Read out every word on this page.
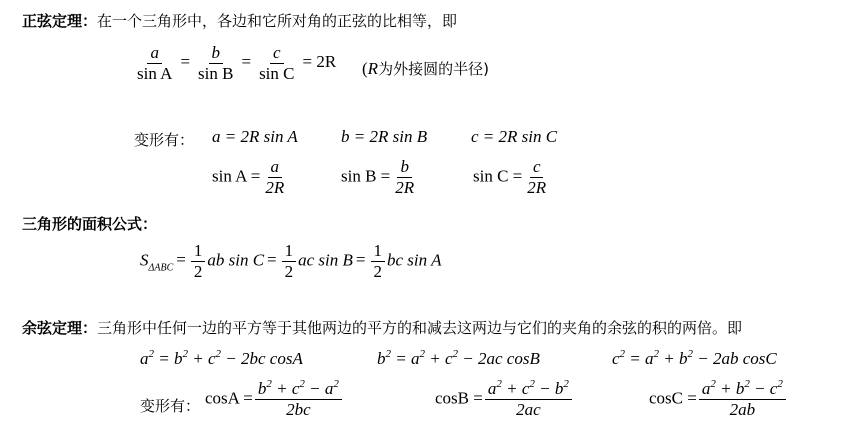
正弦定理：在一个三角形中，各边和它所对角的正弦的比相等，即
$\frac{a}{\text{sin A}} = \frac{b}{\text{sin B}} = \frac{c}{\text{sin C}} = 2R$ (R为外接圆的半径)
变形有： a = 2R sin A	b = 2R sin B	c = 2R sin C
$\sin A = \frac{a}{2R}$	$\sin B = \frac{b}{2R}$	$\sin C = \frac{c}{2R}$
三角形的面积公式：
$S_{\Delta ABC} = \frac{1}{2}$ ab $\sin C = \frac{1}{2}$ ac $\sin B = \frac{1}{2}$ bc sin A
余弦定理：三角形中任何一边的平方等于其他两边的平方的和减去这两边与它们的夹角的余弦的积的两倍。即
$a^2 = b^2 + c^2 - 2bc$ cosA	$b^2 = a^2 + c^2 - 2ac$ cosB	$c^2 = a^2 + b^2 - 2ab$ cosC
变形有： $\cos A = \frac{b^2 + c^2 - a^2}{2bc}$	$\cos B = \frac{a^2 + c^2 - b^2}{2ac}$	$\cos C = \frac{a^2 + b^2 - c^2}{2ab}$
